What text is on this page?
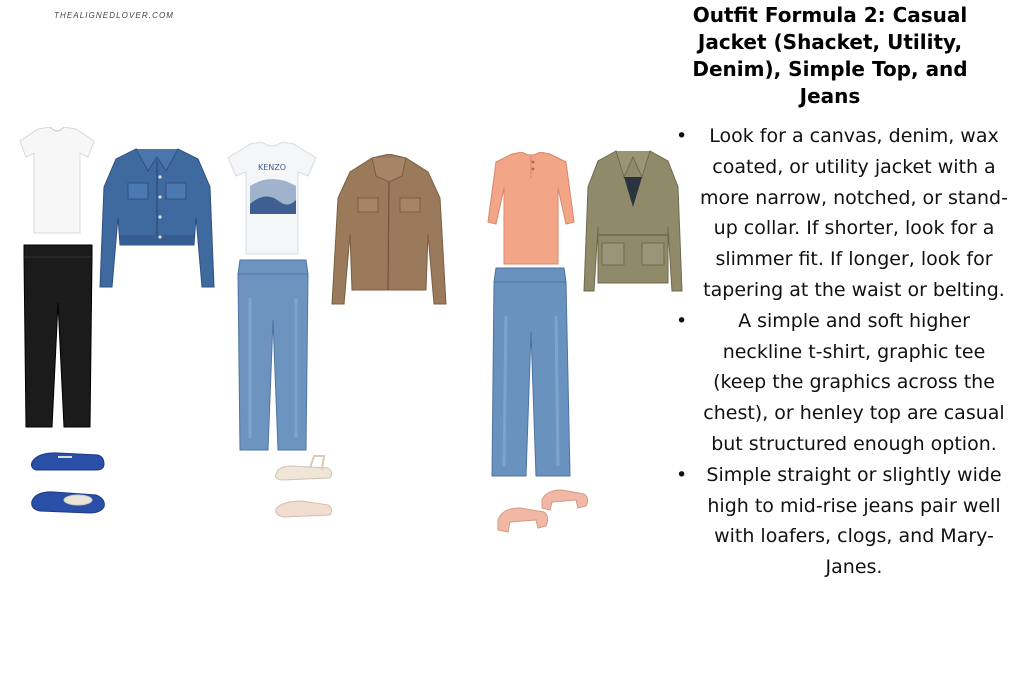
THEALIGNEDLOVER.COM
KENZO
Outfit Formula 2: Casual Jacket (Shacket, Utility, Denim), Simple Top, and Jeans
• Look for a canvas, denim, wax coated, or utility jacket with a more narrow, notched, or stand-up collar. If shorter, look for a slimmer fit. If longer, look for tapering at the waist or belting.
•	A simple and soft higher neckline t-shirt, graphic tee (keep the graphics across the chest), or henley top are casual but structured enough option.
• Simple straight or slightly wide high to mid-rise jeans pair well with loafers, clogs, and Mary-Janes.
